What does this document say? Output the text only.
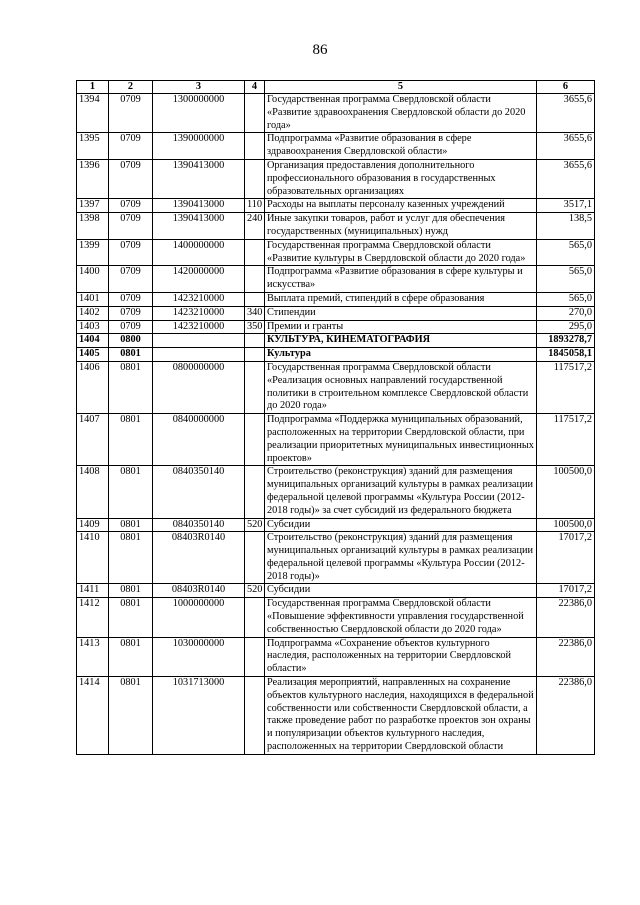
86
1	2	3	4	5	6
1394	0709	1300000000		Государственная программа Свердловской области «Развитие здравоохранения Свердловской области до 2020 года»	3655,6
1395	0709	1390000000		Подпрограмма «Развитие образования в сфере здравоохранения Свердловской области»	3655,6
1396	0709	1390413000		Организация предоставления дополнительного профессионального образования в государственных образовательных организациях	3655,6
1397	0709	1390413000	110	Расходы на выплаты персоналу казенных учреждений	3517,1
1398	0709	1390413000	240	Иные закупки товаров, работ и услуг для обеспечения государственных (муниципальных) нужд	138,5
1399	0709	1400000000		Государственная программа Свердловской области «Развитие культуры в Свердловской области до 2020 года»	565,0
1400	0709	1420000000		Подпрограмма «Развитие образования в сфере культуры и искусства»	565,0
1401	0709	1423210000		Выплата премий, стипендий в сфере образования	565,0
1402	0709	1423210000	340	Стипендии	270,0
1403	0709	1423210000	350	Премии и гранты	295,0
1404	0800			КУЛЬТУРА, КИНЕМАТОГРАФИЯ	1893278,7
1405	0801			Культура	1845058,1
1406	0801	0800000000		Государственная программа Свердловской области «Реализация основных направлений государственной политики в строительном комплексе Свердловской области до 2020 года»	117517,2
1407	0801	0840000000		Подпрограмма «Поддержка муниципальных образований, расположенных на территории Свердловской области, при реализации приоритетных муниципальных инвестиционных проектов»	117517,2
1408	0801	0840350140		Строительство (реконструкция) зданий для размещения муниципальных организаций культуры в рамках реализации федеральной целевой программы «Культура России (2012-2018 годы)» за счет субсидий из федерального бюджета	100500,0
1409	0801	0840350140	520	Субсидии	100500,0
1410	0801	08403R0140		Строительство (реконструкция) зданий для размещения муниципальных организаций культуры в рамках реализации федеральной целевой программы «Культура России (2012-2018 годы)»	17017,2
1411	0801	08403R0140	520	Субсидии	17017,2
1412	0801	1000000000		Государственная программа Свердловской области «Повышение эффективности управления государственной собственностью Свердловской области до 2020 года»	22386,0
1413	0801	1030000000		Подпрограмма «Сохранение объектов культурного наследия, расположенных на территории Свердловской области»	22386,0
1414	0801	1031713000		Реализация мероприятий, направленных на сохранение объектов культурного наследия, находящихся в федеральной собственности или собственности Свердловской области, а также проведение работ по разработке проектов зон охраны и популяризации объектов культурного наследия, расположенных на территории Свердловской области	22386,0
